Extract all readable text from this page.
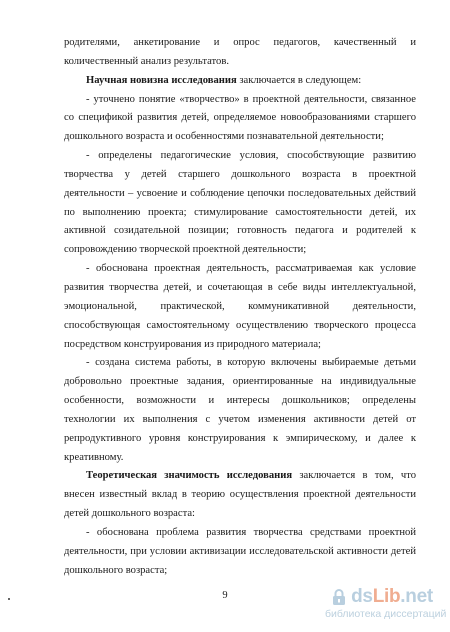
родителями, анкетирование и опрос педагогов, качественный и количественный анализ результатов.

Научная новизна исследования заключается в следующем:

- уточнено понятие «творчество» в проектной деятельности, связанное со спецификой развития детей, определяемое новообразованиями старшего дошкольного возраста и особенностями познавательной деятельности;

- определены педагогические условия, способствующие развитию творчества у детей старшего дошкольного возраста в проектной деятельности – усвоение и соблюдение цепочки последовательных действий по выполнению проекта; стимулирование самостоятельности детей, их активной созидательной позиции; готовность педагога и родителей к сопровождению творческой проектной деятельности;

- обоснована проектная деятельность, рассматриваемая как условие развития творчества детей, и сочетающая в себе виды интеллектуальной, эмоциональной, практической, коммуникативной деятельности, способствующая самостоятельному осуществлению творческого процесса посредством конструирования из природного материала;

- создана система работы, в которую включены выбираемые детьми добровольно проектные задания, ориентированные на индивидуальные особенности, возможности и интересы дошкольников; определены технологии их выполнения с учетом изменения активности детей от репродуктивного уровня конструирования к эмпирическому, и далее к креативному.

Теоретическая значимость исследования заключается в том, что внесен известный вклад в теорию осуществления проектной деятельности детей дошкольного возраста:

- обоснована проблема развития творчества средствами проектной деятельности, при условии активизации исследовательской активности детей дошкольного возраста;

9	dsLib.net
библиотека диссертаций
